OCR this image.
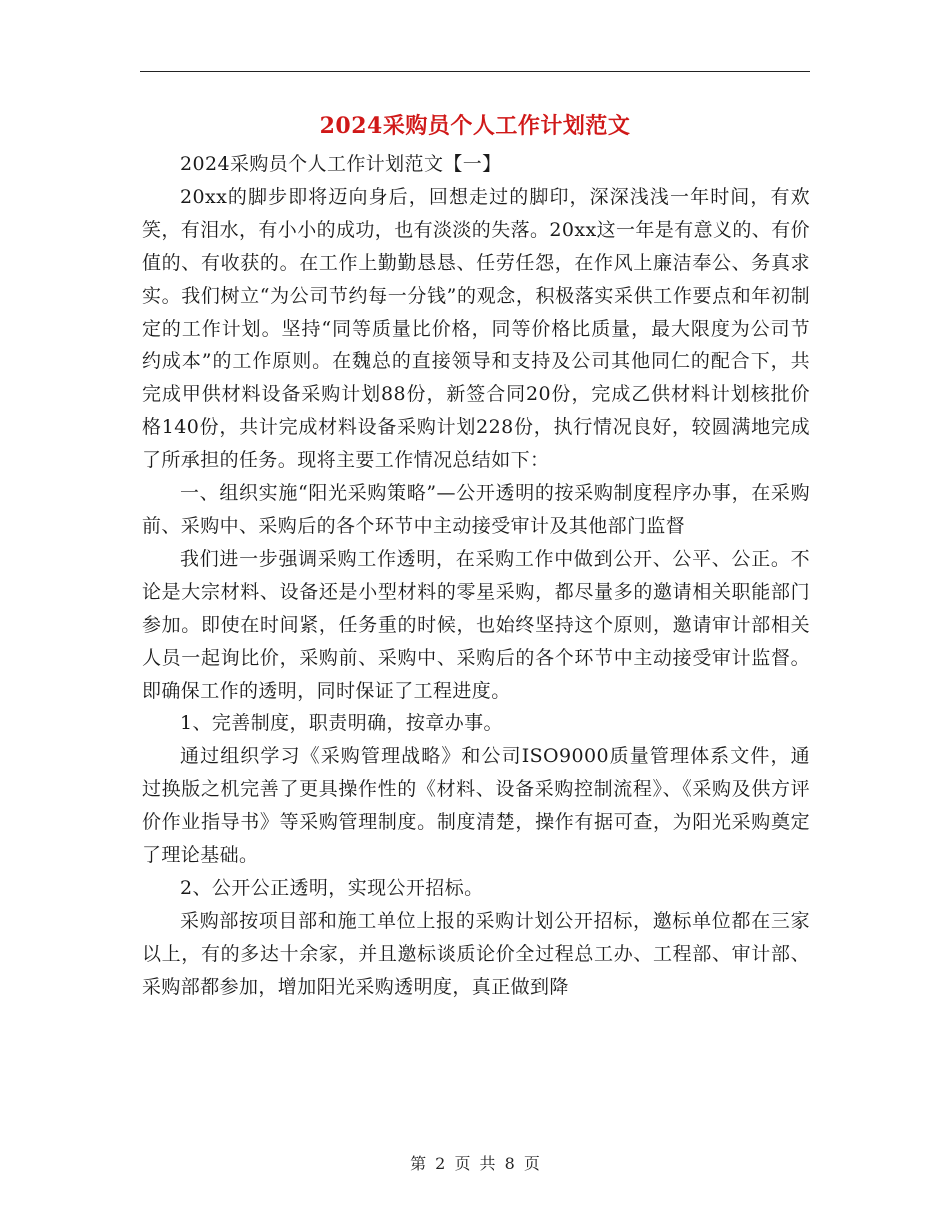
2024采购员个人工作计划范文

2024采购员个人工作计划范文【一】

20xx的脚步即将迈向身后，回想走过的脚印，深深浅浅一年时间，有欢笑，有泪水，有小小的成功，也有淡淡的失落。20xx这一年是有意义的、有价值的、有收获的。在工作上勤勤恳恳、任劳任怨，在作风上廉洁奉公、务真求实。我们树立“为公司节约每一分钱”的观念，积极落实采供工作要点和年初制定的工作计划。坚持“同等质量比价格，同等价格比质量，最大限度为公司节约成本”的工作原则。在魏总的直接领导和支持及公司其他同仁的配合下，共完成甲供材料设备采购计划88份，新签合同20份，完成乙供材料计划核批价格140份，共计完成材料设备采购计划228份，执行情况良好，较圆满地完成了所承担的任务。现将主要工作情况总结如下：

一、组织实施“阳光采购策略”—公开透明的按采购制度程序办事，在采购前、采购中、采购后的各个环节中主动接受审计及其他部门监督

我们进一步强调采购工作透明，在采购工作中做到公开、公平、公正。不论是大宗材料、设备还是小型材料的零星采购，都尽量多的邀请相关职能部门参加。即使在时间紧，任务重的时候，也始终坚持这个原则，邀请审计部相关人员一起询比价，采购前、采购中、采购后的各个环节中主动接受审计监督。即确保工作的透明，同时保证了工程进度。

1、完善制度，职责明确，按章办事。

通过组织学习《采购管理战略》和公司ISO9000质量管理体系文件，通过换版之机完善了更具操作性的《材料、设备采购控制流程》、《采购及供方评价作业指导书》等采购管理制度。制度清楚，操作有据可查，为阳光采购奠定了理论基础。

2、公开公正透明，实现公开招标。

采购部按项目部和施工单位上报的采购计划公开招标，邀标单位都在三家以上，有的多达十余家，并且邀标谈质论价全过程总工办、工程部、审计部、采购部都参加，增加阳光采购透明度，真正做到降

第 2 页 共 8 页
